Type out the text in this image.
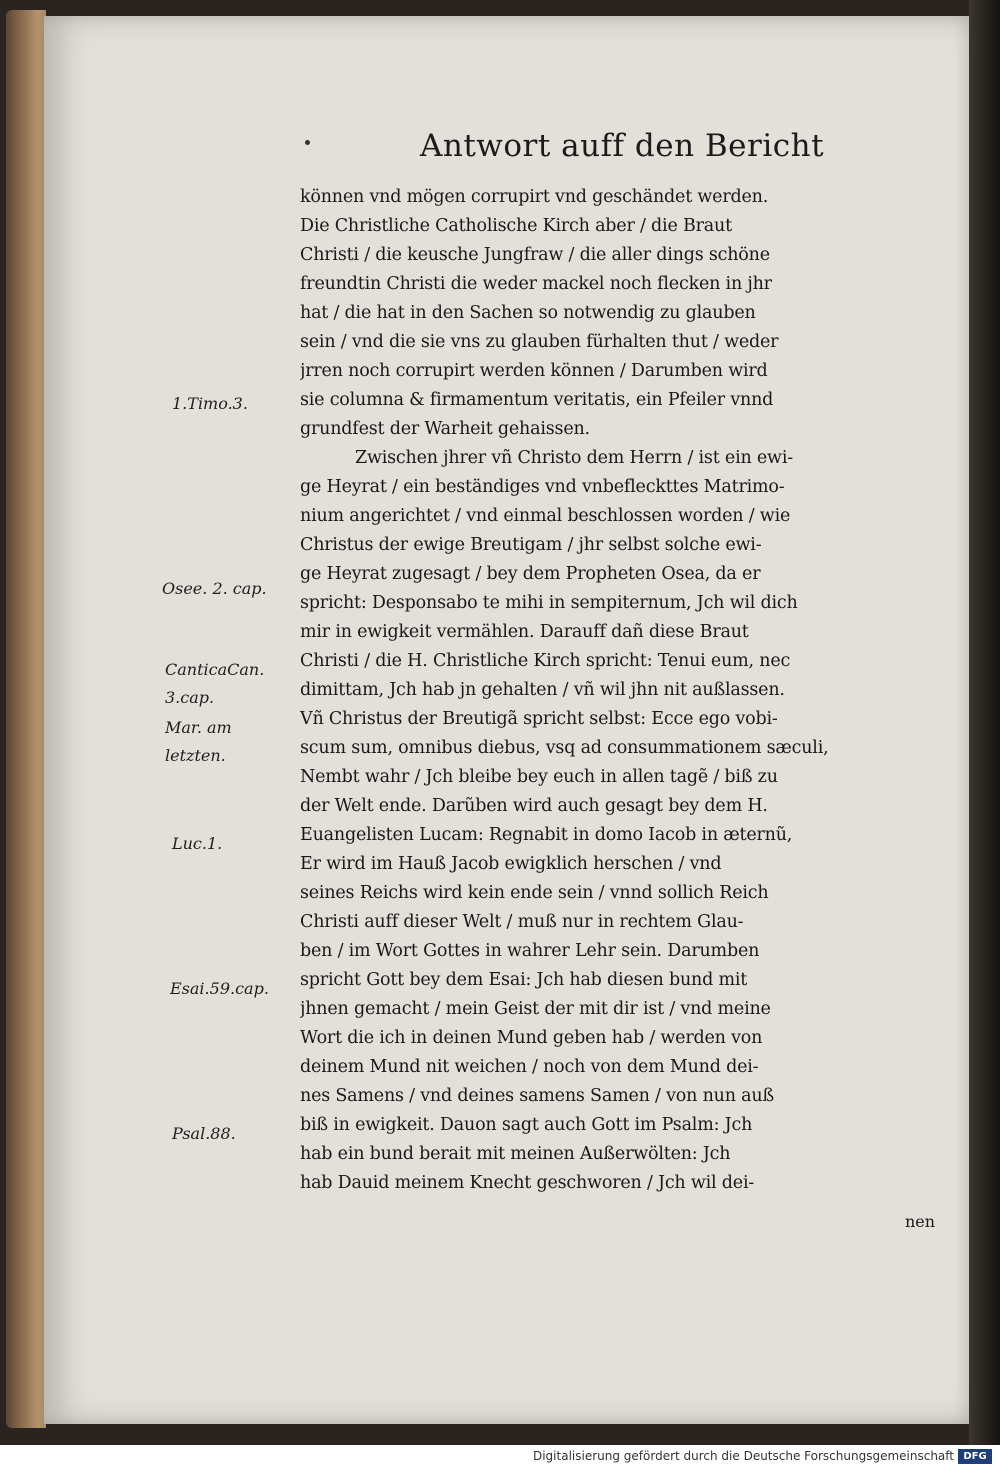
Antwort auff den Bericht
können vnd mögen corrupirt vnd geschändet werden.
Die Christliche Catholische Kirch aber / die Braut
Christi / die keusche Jungfraw / die aller dings schöne
freundtin Christi die weder mackel noch flecken in jhr
hat / die hat in den Sachen so notwendig zu glauben
sein / vnd die sie vns zu glauben fürhalten thut / weder
jrren noch corrupirt werden können / Darumben wird
sie columna & firmamentum veritatis, ein Pfeiler vnnd
grundfest der Warheit gehaissen.
Zwischen jhrer vñ Christo dem Herrn / ist ein ewi-
ge Heyrat / ein beständiges vnd vnbefleckttes Matrimo-
nium angerichtet / vnd einmal beschlossen worden / wie
Christus der ewige Breutigam / jhr selbst solche ewi-
ge Heyrat zugesagt / bey dem Propheten Osea, da er
spricht: Desponsabo te mihi in sempiternum, Jch wil dich
mir in ewigkeit vermählen. Darauff dañ diese Braut
Christi / die H. Christliche Kirch spricht: Tenui eum, nec
dimittam, Jch hab jn gehalten / vñ wil jhn nit außlassen.
Vñ Christus der Breutigã spricht selbst: Ecce ego vobi-
scum sum, omnibus diebus, vsq ad consummationem sæculi,
Nembt wahr / Jch bleibe bey euch in allen tagẽ / biß zu
der Welt ende. Darũben wird auch gesagt bey dem H.
Euangelisten Lucam: Regnabit in domo Iacob in æternũ,
Er wird im Hauß Jacob ewigklich herschen / vnd
seines Reichs wird kein ende sein / vnnd sollich Reich
Christi auff dieser Welt / muß nur in rechtem Glau-
ben / im Wort Gottes in wahrer Lehr sein. Darumben
spricht Gott bey dem Esai: Jch hab diesen bund mit
jhnen gemacht / mein Geist der mit dir ist / vnd meine
Wort die ich in deinen Mund geben hab / werden von
deinem Mund nit weichen / noch von dem Mund dei-
nes Samens / vnd deines samens Samen / von nun auß
biß in ewigkeit. Dauon sagt auch Gott im Psalm: Jch
hab ein bund berait mit meinen Außerwölten: Jch
hab Dauid meinem Knecht geschworen / Jch wil dei-
nen
1.Timo.3.
Osee. 2. cap.
CanticaCan.
3.cap.
Mar. am
letzten.
Luc.1.
Esai.59.cap.
Psal.88.
Digitalisierung gefördert durch die Deutsche Forschungsgemeinschaft DFG
